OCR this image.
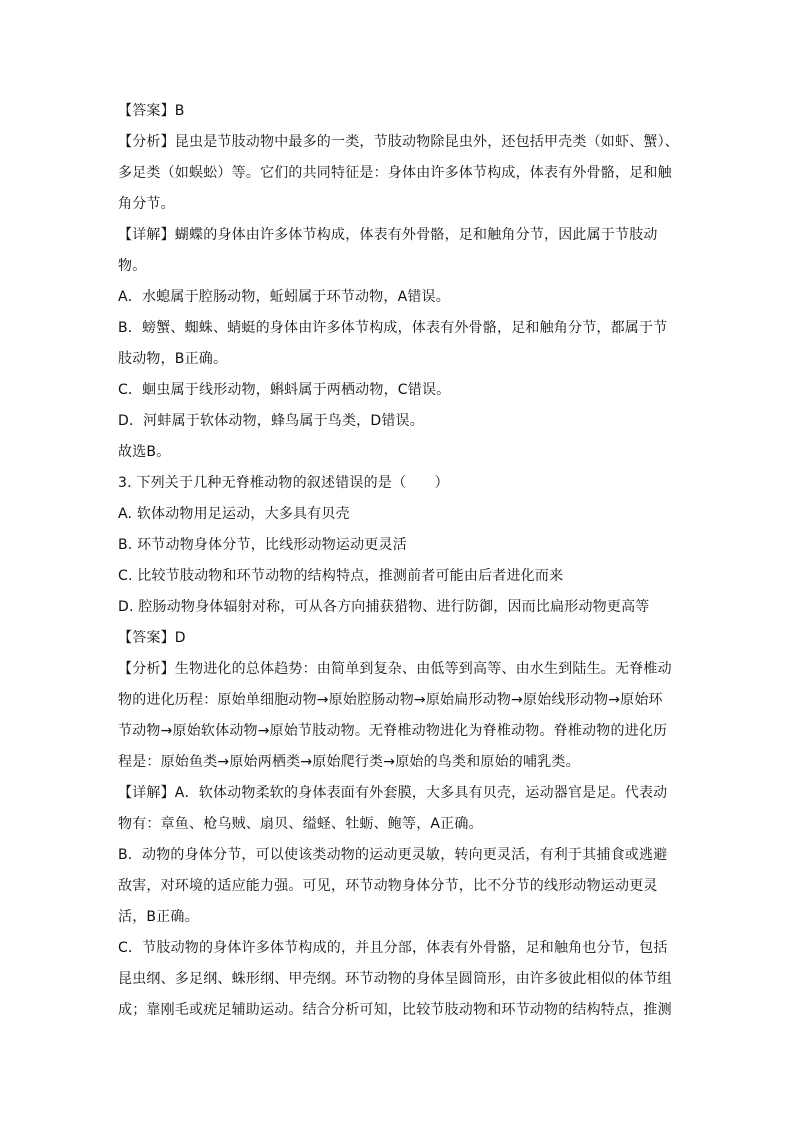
【答案】B
【分析】昆虫是节肢动物中最多的一类，节肢动物除昆虫外，还包括甲壳类（如虾、蟹）、
多足类（如蜈蚣）等。它们的共同特征是：身体由许多体节构成，体表有外骨骼，足和触
角分节。
【详解】蝴蝶的身体由许多体节构成，体表有外骨骼，足和触角分节，因此属于节肢动
物。
A．水螅属于腔肠动物，蚯蚓属于环节动物，A错误。
B．螃蟹、蜘蛛、蜻蜓的身体由许多体节构成，体表有外骨骼，足和触角分节，都属于节
肢动物，B正确。
C．蛔虫属于线形动物，蝌蚪属于两栖动物，C错误。
D．河蚌属于软体动物，蜂鸟属于鸟类，D错误。
故选B。
3. 下列关于几种无脊椎动物的叙述错误的是（　　）
A. 软体动物用足运动，大多具有贝壳
B. 环节动物身体分节，比线形动物运动更灵活
C. 比较节肢动物和环节动物的结构特点，推测前者可能由后者进化而来
D. 腔肠动物身体辐射对称，可从各方向捕获猎物、进行防御，因而比扁形动物更高等
【答案】D
【分析】生物进化的总体趋势：由简单到复杂、由低等到高等、由水生到陆生。无脊椎动
物的进化历程：原始单细胞动物→原始腔肠动物→原始扁形动物→原始线形动物→原始环
节动物→原始软体动物→原始节肢动物。无脊椎动物进化为脊椎动物。脊椎动物的进化历
程是：原始鱼类→原始两栖类→原始爬行类→原始的鸟类和原始的哺乳类。
【详解】A．软体动物柔软的身体表面有外套膜，大多具有贝壳，运动器官是足。代表动
物有：章鱼、枪乌贼、扇贝、缢蛏、牡蛎、鲍等，A正确。
B．动物的身体分节，可以使该类动物的运动更灵敏，转向更灵活，有利于其捕食或逃避
敌害，对环境的适应能力强。可见，环节动物身体分节，比不分节的线形动物运动更灵
活，B正确。
C．节肢动物的身体许多体节构成的，并且分部，体表有外骨骼，足和触角也分节，包括
昆虫纲、多足纲、蛛形纲、甲壳纲。环节动物的身体呈圆筒形，由许多彼此相似的体节组
成；靠刚毛或疣足辅助运动。结合分析可知，比较节肢动物和环节动物的结构特点，推测
